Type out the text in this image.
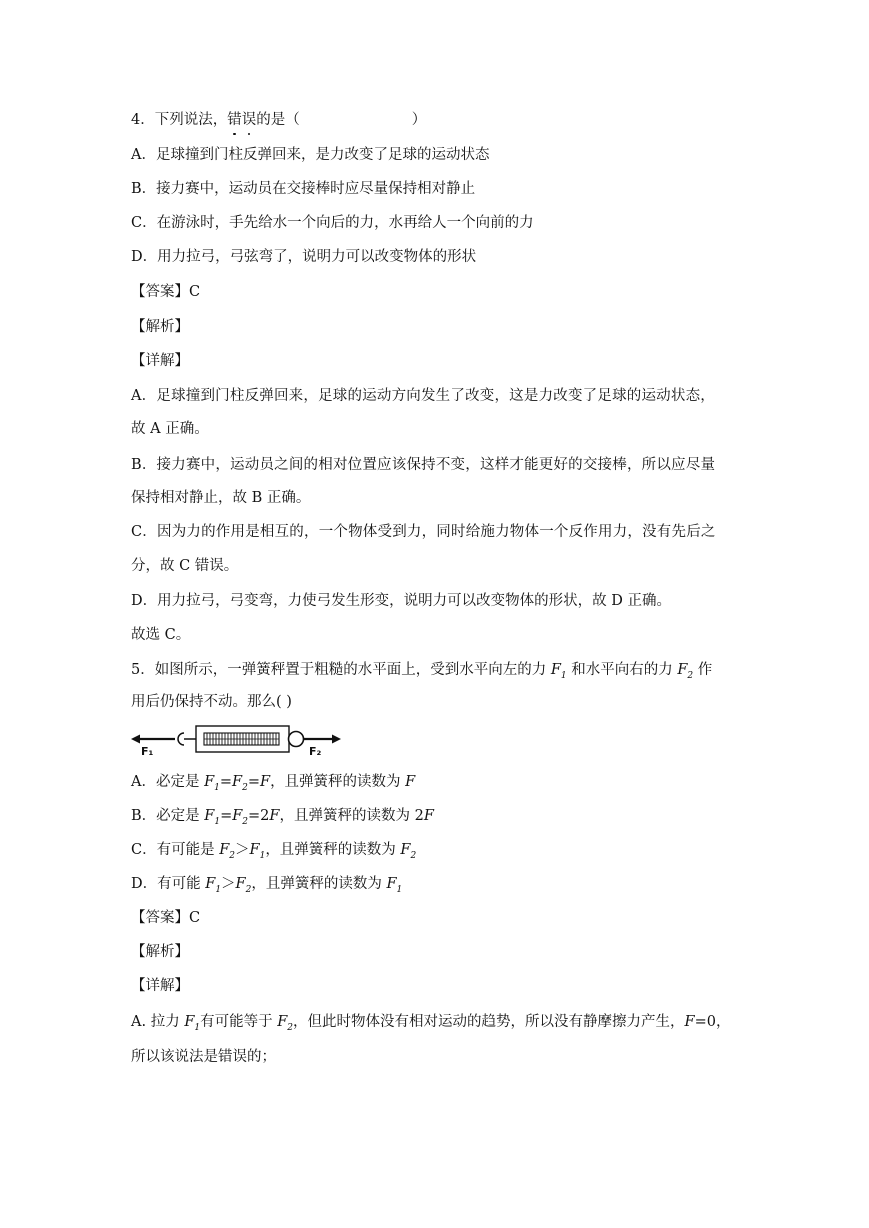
4．下列说法，错误的是（	）
A．足球撞到门柱反弹回来，是力改变了足球的运动状态
B．接力赛中，运动员在交接棒时应尽量保持相对静止
C．在游泳时，手先给水一个向后的力，水再给人一个向前的力
D．用力拉弓，弓弦弯了，说明力可以改变物体的形状
【答案】C
【解析】
【详解】
A．足球撞到门柱反弹回来，足球的运动方向发生了改变，这是力改变了足球的运动状态，
故 A 正确。
B．接力赛中，运动员之间的相对位置应该保持不变，这样才能更好的交接棒，所以应尽量
保持相对静止，故 B 正确。
C．因为力的作用是相互的，一个物体受到力，同时给施力物体一个反作用力，没有先后之
分，故 C 错误。
D．用力拉弓，弓变弯，力使弓发生形变，说明力可以改变物体的形状，故 D 正确。
故选 C。
5．如图所示，一弹簧秤置于粗糙的水平面上，受到水平向左的力 $F_1$ 和水平向右的力 $F_2$ 作
用后仍保持不动。那么( )
F₁	F₂
A．必定是 $F_1=F_2=F$，且弹簧秤的读数为 F
B．必定是 $F_1=F_2=2F$，且弹簧秤的读数为 2F
C．有可能是 $F_2>F_1$，且弹簧秤的读数为 $F_2$
D．有可能 $F_1>F_2$，且弹簧秤的读数为 $F_1$
【答案】C
【解析】
【详解】
A. 拉力 $F_1$有可能等于 $F_2$，但此时物体没有相对运动的趋势，所以没有静摩擦力产生，F=0，
所以该说法是错误的；
